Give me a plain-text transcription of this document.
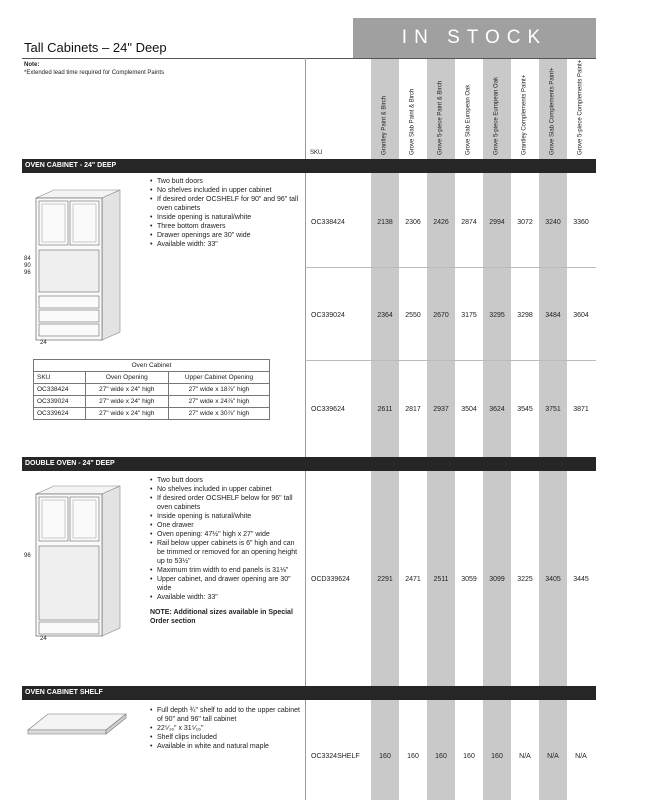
IN STOCK
Tall Cabinets – 24" Deep
Note:
*Extended lead time required for Complement Paints
SKU	Grantley Paint & Birch	Grove Slab Paint & Birch	Grove 5-piece Paint & Birch	Grove Slab European Oak	Grove 5-piece European Oak	Grantley Complements Paint+	Grove Slab Complements Paint+	Grove 5-piece Complements Paint+
OVEN CABINET - 24" DEEP
84
90
96
24
• Two butt doors
• No shelves included in upper cabinet
• If desired order OCSHELF for 90" and 96" tall oven cabinets
• Inside opening is natural/white
• Three bottom drawers
• Drawer openings are 30" wide
• Available width: 33"
OC338424	2138	2306	2426	2874	2994	3072	3240	3360
OC339024	2364	2550	2670	3175	3295	3298	3484	3604
OC339624	2611	2817	2937	3504	3624	3545	3751	3871
Oven Cabinet		
SKU	Oven Opening	Upper Cabinet Opening
OC338424	27" wide x 24" high	27" wide x 18⅞" high
OC339024	27" wide x 24" high	27" wide x 24⅞" high
OC339624	27" wide x 24" high	27" wide x 30⅞" high
DOUBLE OVEN - 24" DEEP
96
24
• Two butt doors
• No shelves included in upper cabinet
• If desired order OCSHELF below for 96" tall oven cabinets
• Inside opening is natural/white
• One drawer
• Oven opening: 47½" high x 27" wide
• Rail below upper cabinets is 6" high and can be trimmed or removed for an opening height up to 53½"
• Maximum trim width to end panels is 31⅛"
• Upper cabinet, and drawer opening are 30" wide
• Available width: 33"

NOTE: Additional sizes available in Special Order section

OCD339624	2291	2471	2511	3059	3099	3225	3405	3445
OVEN CABINET SHELF
• Full depth ¾" shelf to add to the upper cabinet of 90" and 96" tall cabinet
• 22⁵⁄₁₆" x 31⁵⁄₁₆"
• Shelf clips included
• Available in white and natural maple
OC3324SHELF	160	160	160	160	160	N/A	N/A	N/A
